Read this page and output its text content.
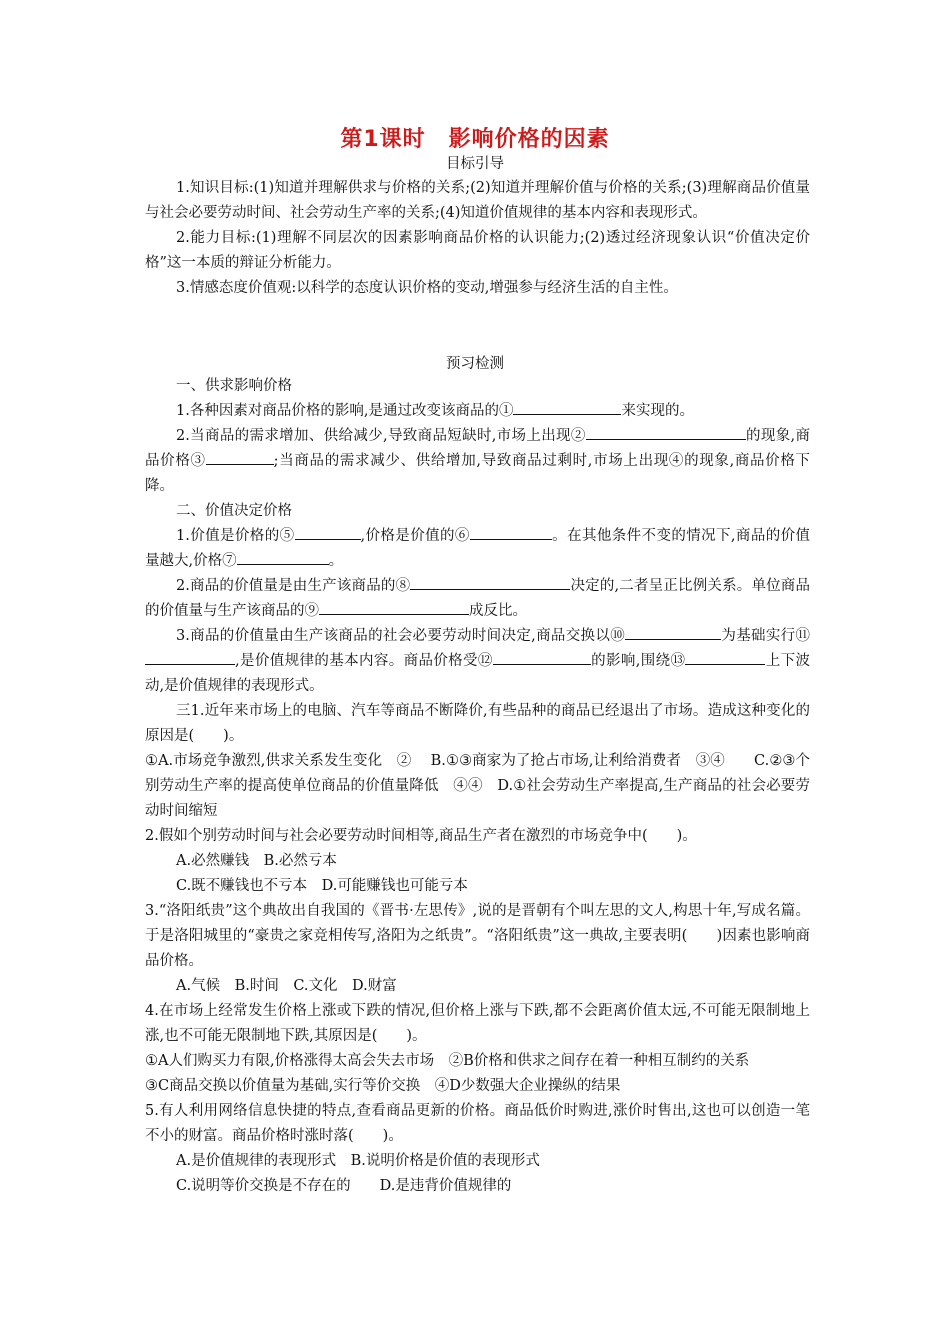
第1课时　影响价格的因素
目标引导

1.知识目标:(1)知道并理解供求与价格的关系;(2)知道并理解价值与价格的关系;(3)理解商品价值量与社会必要劳动时间、社会劳动生产率的关系;(4)知道价值规律的基本内容和表现形式。

2.能力目标:(1)理解不同层次的因素影响商品价格的认识能力;(2)透过经济现象认识“价值决定价格”这一本质的辩证分析能力。

3.情感态度价值观:以科学的态度认识价格的变动,增强参与经济生活的自主性。

预习检测

一、供求影响价格

1.各种因素对商品价格的影响,是通过改变该商品的①	来实现的。

2.当商品的需求增加、供给减少,导致商品短缺时,市场上出现②	的现象,商品价格③	;当商品的需求减少、供给增加,导致商品过剩时,市场上出现④的现象,商品价格下降。

二、价值决定价格

1.价值是价格的⑤	,价格是价值的⑥	。在其他条件不变的情况下,商品的价值量越大,价格⑦	。

2.商品的价值量是由生产该商品的⑧	决定的,二者呈正比例关系。单位商品的价值量与生产该商品的⑨	成反比。

3.商品的价值量由生产该商品的社会必要劳动时间决定,商品交换以⑩	为基础实行⑪,是价值规律的基本内容。商品价格受⑫	的影响,围绕⑬	上下波动,是价值规律的表现形式。

三1.近年来市场上的电脑、汽车等商品不断降价,有些品种的商品已经退出了市场。造成这种变化的原因是(　　)。

①A.市场竞争激烈,供求关系发生变化　②　 B.①③商家为了抢占市场,让利给消费者　③④　　C.②③个别劳动生产率的提高使单位商品的价值量降低　④④　D.①社会劳动生产率提高,生产商品的社会必要劳动时间缩短

2.假如个别劳动时间与社会必要劳动时间相等,商品生产者在激烈的市场竞争中(　　)。

A.必然赚钱　B.必然亏本

C.既不赚钱也不亏本　D.可能赚钱也可能亏本

3.“洛阳纸贵”这个典故出自我国的《晋书·左思传》,说的是晋朝有个叫左思的文人,构思十年,写成名篇。于是洛阳城里的“豪贵之家竞相传写,洛阳为之纸贵”。“洛阳纸贵”这一典故,主要表明(　　)因素也影响商品价格。

A.气候　B.时间　C.文化　D.财富

4.在市场上经常发生价格上涨或下跌的情况,但价格上涨与下跌,都不会距离价值太远,不可能无限制地上涨,也不可能无限制地下跌,其原因是(　　)。

①A人们购买力有限,价格涨得太高会失去市场　②B价格和供求之间存在着一种相互制约的关系

③C商品交换以价值量为基础,实行等价交换　④D少数强大企业操纵的结果

5.有人利用网络信息快捷的特点,查看商品更新的价格。商品低价时购进,涨价时售出,这也可以创造一笔不小的财富。商品价格时涨时落(　　)。

A.是价值规律的表现形式　B.说明价格是价值的表现形式

C.说明等价交换是不存在的　　D.是违背价值规律的
